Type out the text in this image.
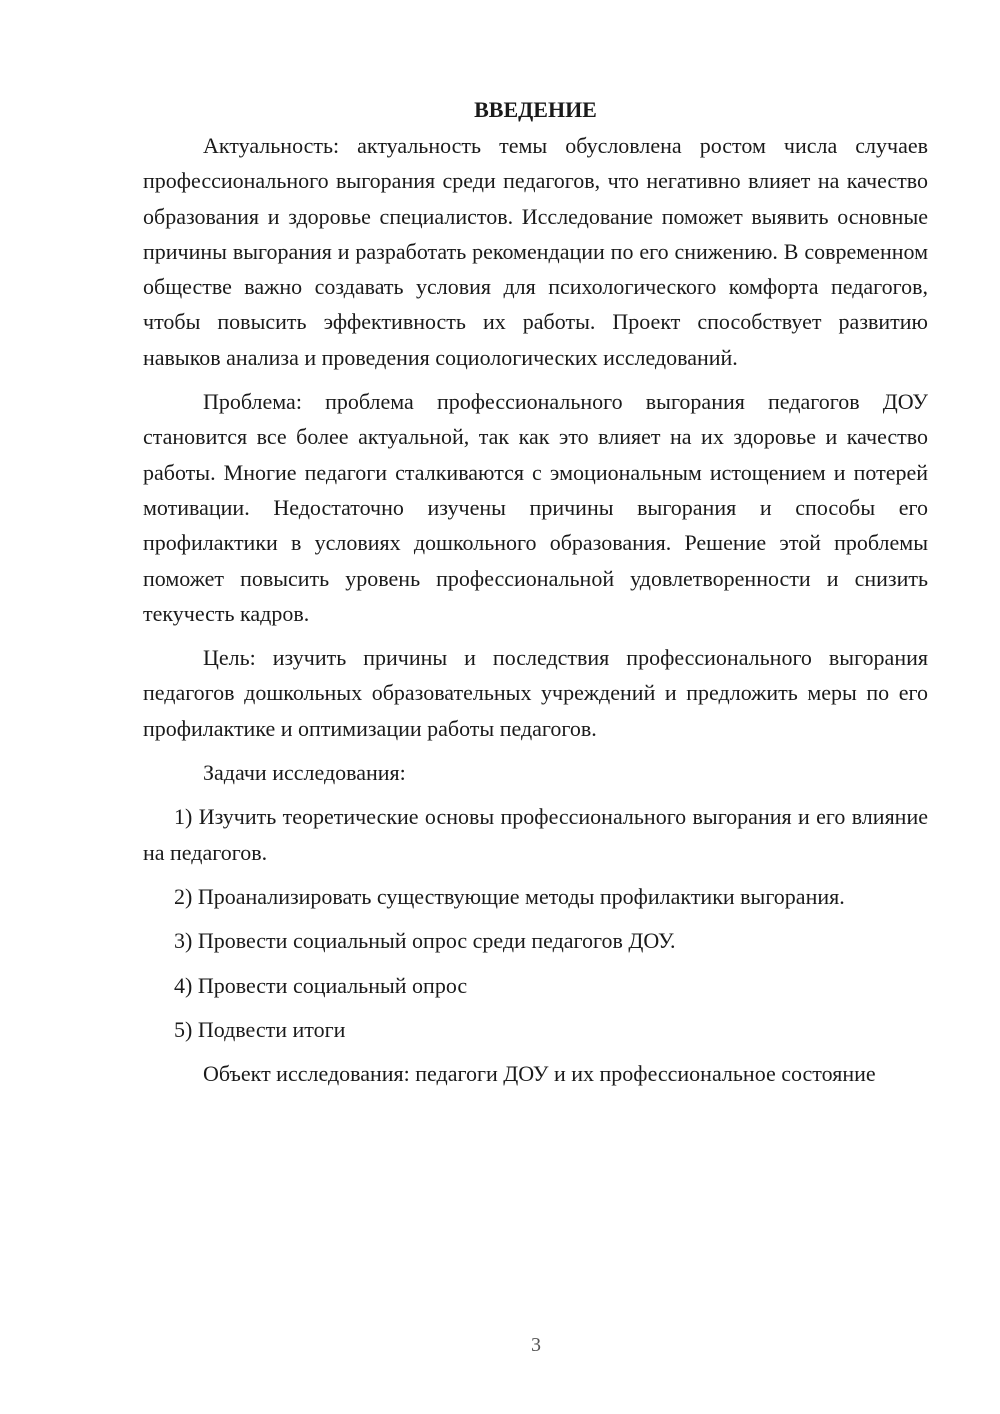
ВВЕДЕНИЕ

Актуальность: актуальность темы обусловлена ростом числа случаев профессионального выгорания среди педагогов, что негативно влияет на качество образования и здоровье специалистов. Исследование поможет выявить основные причины выгорания и разработать рекомендации по его снижению. В современном обществе важно создавать условия для психологического комфорта педагогов, чтобы повысить эффективность их работы. Проект способствует развитию навыков анализа и проведения социологических исследований.

Проблема: проблема профессионального выгорания педагогов ДОУ становится все более актуальной, так как это влияет на их здоровье и качество работы. Многие педагоги сталкиваются с эмоциональным истощением и потерей мотивации. Недостаточно изучены причины выгорания и способы его профилактики в условиях дошкольного образования. Решение этой проблемы поможет повысить уровень профессиональной удовлетворенности и снизить текучесть кадров.

Цель: изучить причины и последствия профессионального выгорания педагогов дошкольных образовательных учреждений и предложить меры по его профилактике и оптимизации работы педагогов.

Задачи исследования:

1) Изучить теоретические основы профессионального выгорания и его влияние на педагогов.

2) Проанализировать существующие методы профилактики выгорания.

3) Провести социальный опрос среди педагогов ДОУ.

4) Провести социальный опрос

5) Подвести итоги

Объект исследования: педагоги ДОУ и их профессиональное состояние

3
